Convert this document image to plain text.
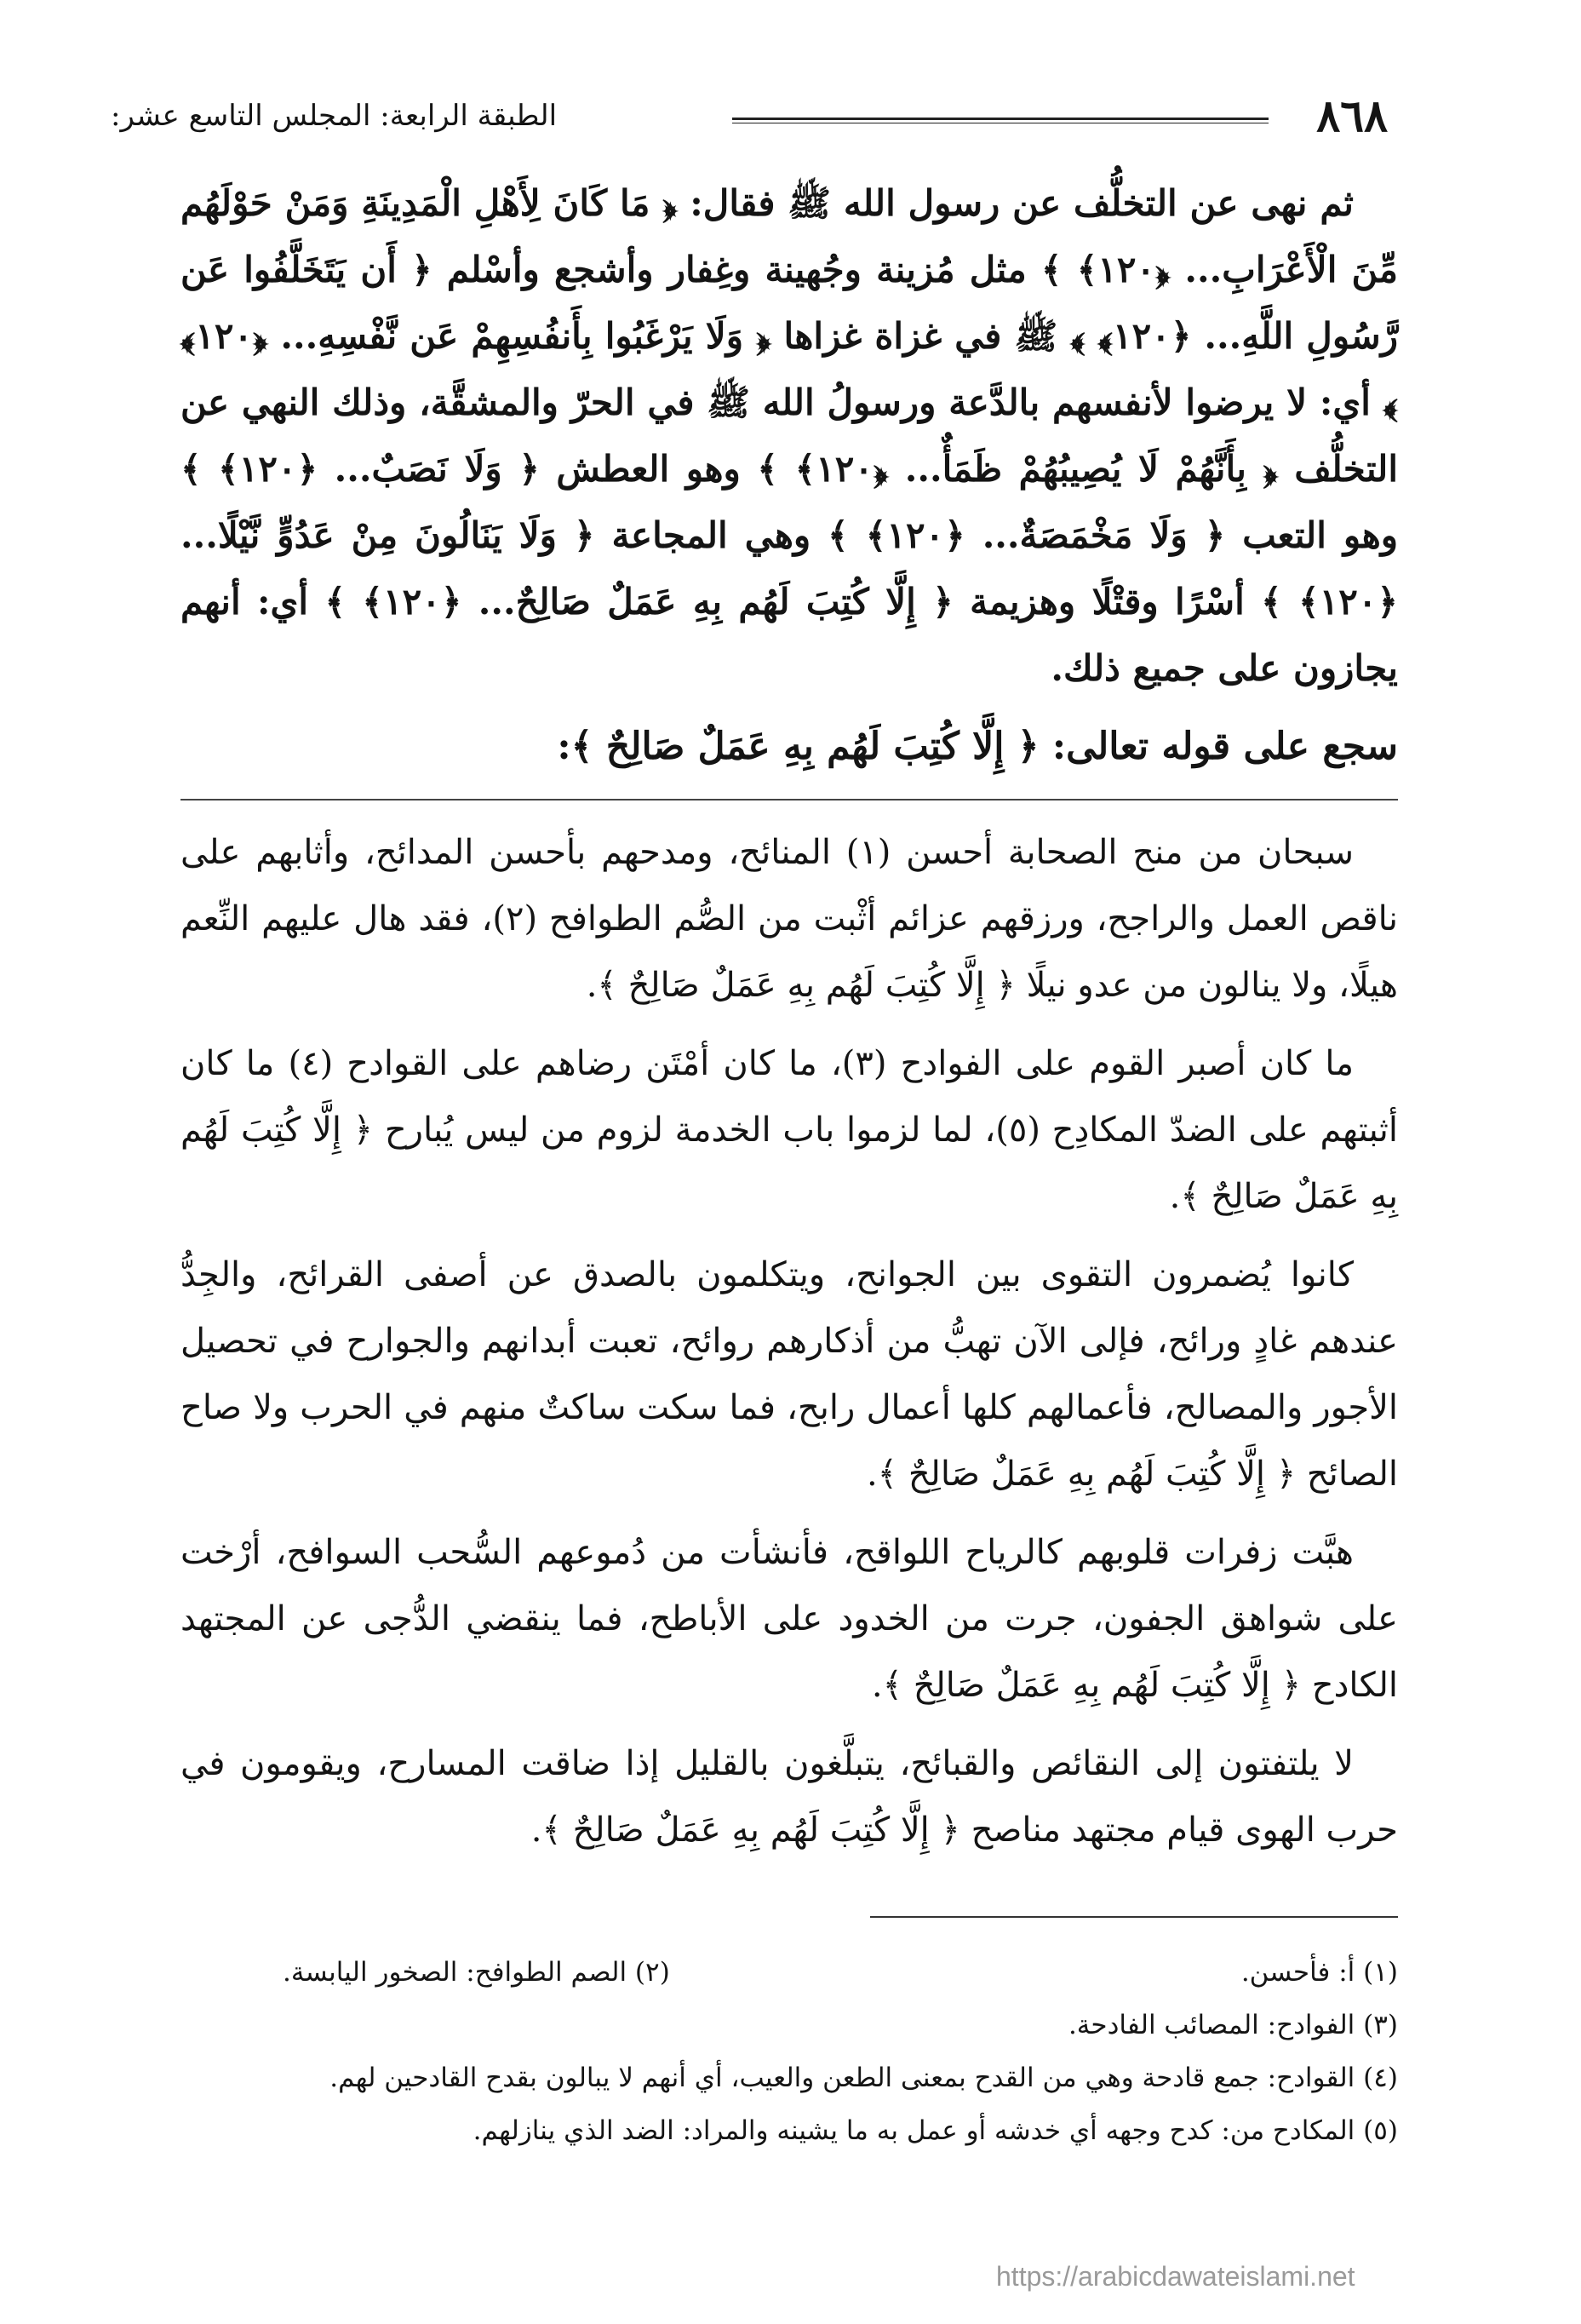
٨٦٨
الطبقة الرابعة: المجلس التاسع عشر:

ثم نهى عن التخلُّف عن رسول الله ﷺ فقال: ﴿ مَا كَانَ لِأَهْلِ الْمَدِينَةِ وَمَنْ حَوْلَهُم مِّنَ الْأَعْرَابِ... ﴿١٢٠﴾ ﴾ مثل مُزينة وجُهينة وغِفار وأشجع وأسْلم ﴿ أَن يَتَخَلَّفُوا عَن رَّسُولِ اللَّهِ... ﴿١٢٠﴾ ﴾ ﷺ في غزاة غزاها ﴿ وَلَا يَرْغَبُوا بِأَنفُسِهِمْ عَن نَّفْسِهِ... ﴿١٢٠﴾ ﴾ أي: لا يرضوا لأنفسهم بالدَّعة ورسولُ الله ﷺ في الحرّ والمشقَّة، وذلك النهي عن التخلُّف ﴿ بِأَنَّهُمْ لَا يُصِيبُهُمْ ظَمَأٌ... ﴿١٢٠﴾ ﴾ وهو العطش ﴿ وَلَا نَصَبٌ... ﴿١٢٠﴾ ﴾ وهو التعب ﴿ وَلَا مَخْمَصَةٌ... ﴿١٢٠﴾ ﴾ وهي المجاعة ﴿ وَلَا يَنَالُونَ مِنْ عَدُوٍّ نَّيْلًا... ﴿١٢٠﴾ ﴾ أسْرًا وقتْلًا وهزيمة ﴿ إِلَّا كُتِبَ لَهُم بِهِ عَمَلٌ صَالِحٌ... ﴿١٢٠﴾ ﴾ أي: أنهم يجازون على جميع ذلك.

سجع على قوله تعالى: ﴿ إِلَّا كُتِبَ لَهُم بِهِ عَمَلٌ صَالِحٌ ﴾:

سبحان من منح الصحابة أحسن (١) المنائح، ومدحهم بأحسن المدائح، وأثابهم على ناقص العمل والراجح، ورزقهم عزائم أثْبت من الصُّم الطوافح (٢)، فقد هال عليهم النِّعم هيلًا، ولا ينالون من عدو نيلًا ﴿ إِلَّا كُتِبَ لَهُم بِهِ عَمَلٌ صَالِحٌ ﴾.

ما كان أصبر القوم على الفوادح (٣)، ما كان أمْتَن رضاهم على القوادح (٤) ما كان أثبتهم على الضدّ المكادِح (٥)، لما لزموا باب الخدمة لزوم من ليس يُبارح ﴿ إِلَّا كُتِبَ لَهُم بِهِ عَمَلٌ صَالِحٌ ﴾.

كانوا يُضمرون التقوى بين الجوانح، ويتكلمون بالصدق عن أصفى القرائح، والجِدُّ عندهم غادٍ ورائح، فإلى الآن تهبُّ من أذكارهم روائح، تعبت أبدانهم والجوارح في تحصيل الأجور والمصالح، فأعمالهم كلها أعمال رابح، فما سكت ساكتٌ منهم في الحرب ولا صاح الصائح ﴿ إِلَّا كُتِبَ لَهُم بِهِ عَمَلٌ صَالِحٌ ﴾.

هبَّت زفرات قلوبهم كالرياح اللواقح، فأنشأت من دُموعهم السُّحب السوافح، أرْخت على شواهق الجفون، جرت من الخدود على الأباطح، فما ينقضي الدُّجى عن المجتهد الكادح ﴿ إِلَّا كُتِبَ لَهُم بِهِ عَمَلٌ صَالِحٌ ﴾.

لا يلتفتون إلى النقائص والقبائح، يتبلَّغون بالقليل إذا ضاقت المسارح، ويقومون في حرب الهوى قيام مجتهد مناصح ﴿ إِلَّا كُتِبَ لَهُم بِهِ عَمَلٌ صَالِحٌ ﴾.

(١) أ: فأحسن.
(٢) الصم الطوافح: الصخور اليابسة.
(٣) الفوادح: المصائب الفادحة.
(٤) القوادح: جمع قادحة وهي من القدح بمعنى الطعن والعيب، أي أنهم لا يبالون بقدح القادحين لهم.
(٥) المكادح من: كدح وجهه أي خدشه أو عمل به ما يشينه والمراد: الضد الذي ينازلهم.
https://arabicdawateislami.net
